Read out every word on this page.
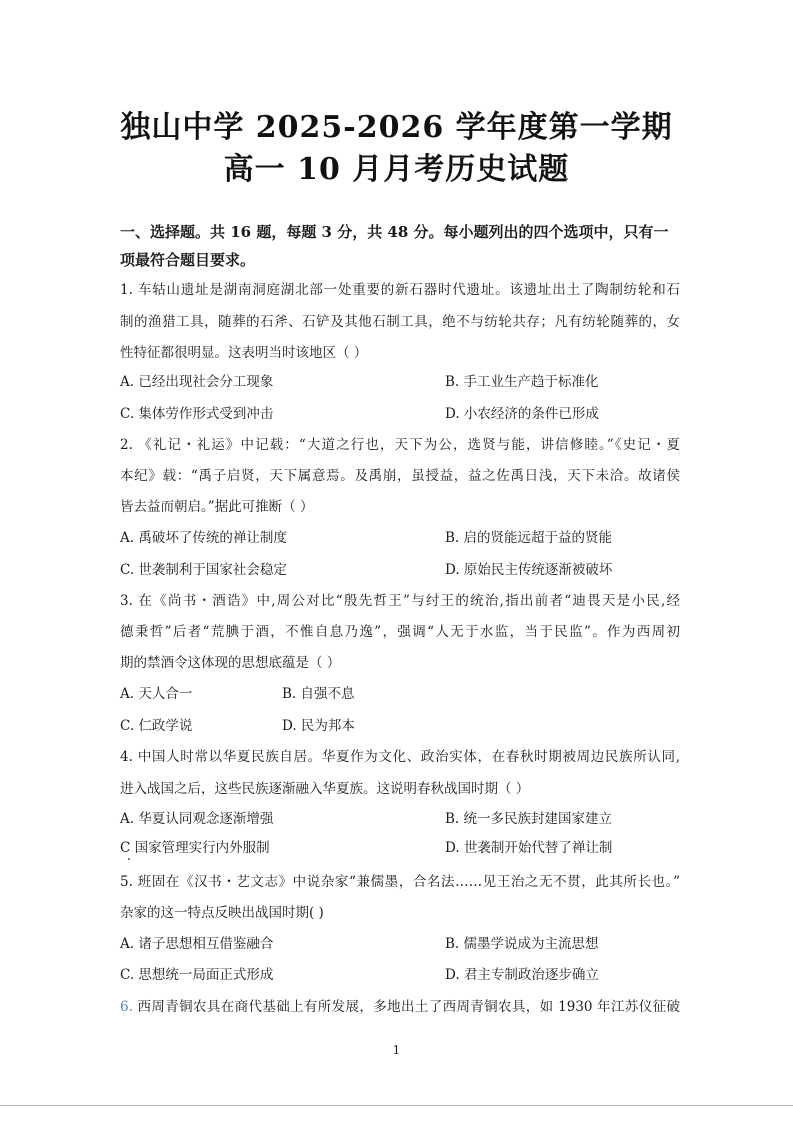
独山中学 2025-2026 学年度第一学期
高一 10 月月考历史试题
一、选择题。共 16 题，每题 3 分，共 48 分。每小题列出的四个选项中，只有一项最符合题目要求。
1. 车轱山遗址是湖南洞庭湖北部一处重要的新石器时代遗址。该遗址出土了陶制纺轮和石
制的渔猎工具，随葬的石斧、石铲及其他石制工具，绝不与纺轮共存；凡有纺轮随葬的，女
性特征都很明显。这表明当时该地区（ ）
A. 已经出现社会分工现象	B. 手工业生产趋于标准化
C. 集体劳作形式受到冲击	D. 小农经济的条件已形成
2. 《礼记・礼运》中记载：“大道之行也，天下为公，选贤与能，讲信修睦。”《史记・夏
本纪》载：“禹子启贤，天下属意焉。及禹崩，虽授益，益之佐禹日浅，天下未洽。故诸侯
皆去益而朝启。”据此可推断（ ）
A. 禹破坏了传统的禅让制度	B. 启的贤能远超于益的贤能
C. 世袭制利于国家社会稳定	D. 原始民主传统逐渐被破坏
3. 在《尚书・酒诰》中,周公对比“殷先哲王”与纣王的统治,指出前者“迪畏天是小民,经
德秉哲”后者“荒腆于酒，不惟自息乃逸”，强调“人无于水监，当于民监”。作为西周初
期的禁酒令这体现的思想底蕴是（ ）
A. 天人合一	B. 自强不息
C. 仁政学说	D. 民为邦本
4. 中国人时常以华夏民族自居。华夏作为文化、政治实体，在春秋时期被周边民族所认同,
进入战国之后，这些民族逐渐融入华夏族。这说明春秋战国时期（ ）
A. 华夏认同观念逐渐增强	B. 统一多民族封建国家建立
C 国家管理实行内外服制	D. 世袭制开始代替了禅让制
5. 班固在《汉书・艺文志》中说杂家“兼儒墨，合名法……见王治之无不贯，此其所长也。”
杂家的这一特点反映出战国时期( )
A. 诸子思想相互借鉴融合	B. 儒墨学说成为主流思想
C. 思想统一局面正式形成	D. 君主专制政治逐步确立
6. 西周青铜农具在商代基础上有所发展，多地出土了西周青铜农具，如 1930 年江苏仪征破
1
